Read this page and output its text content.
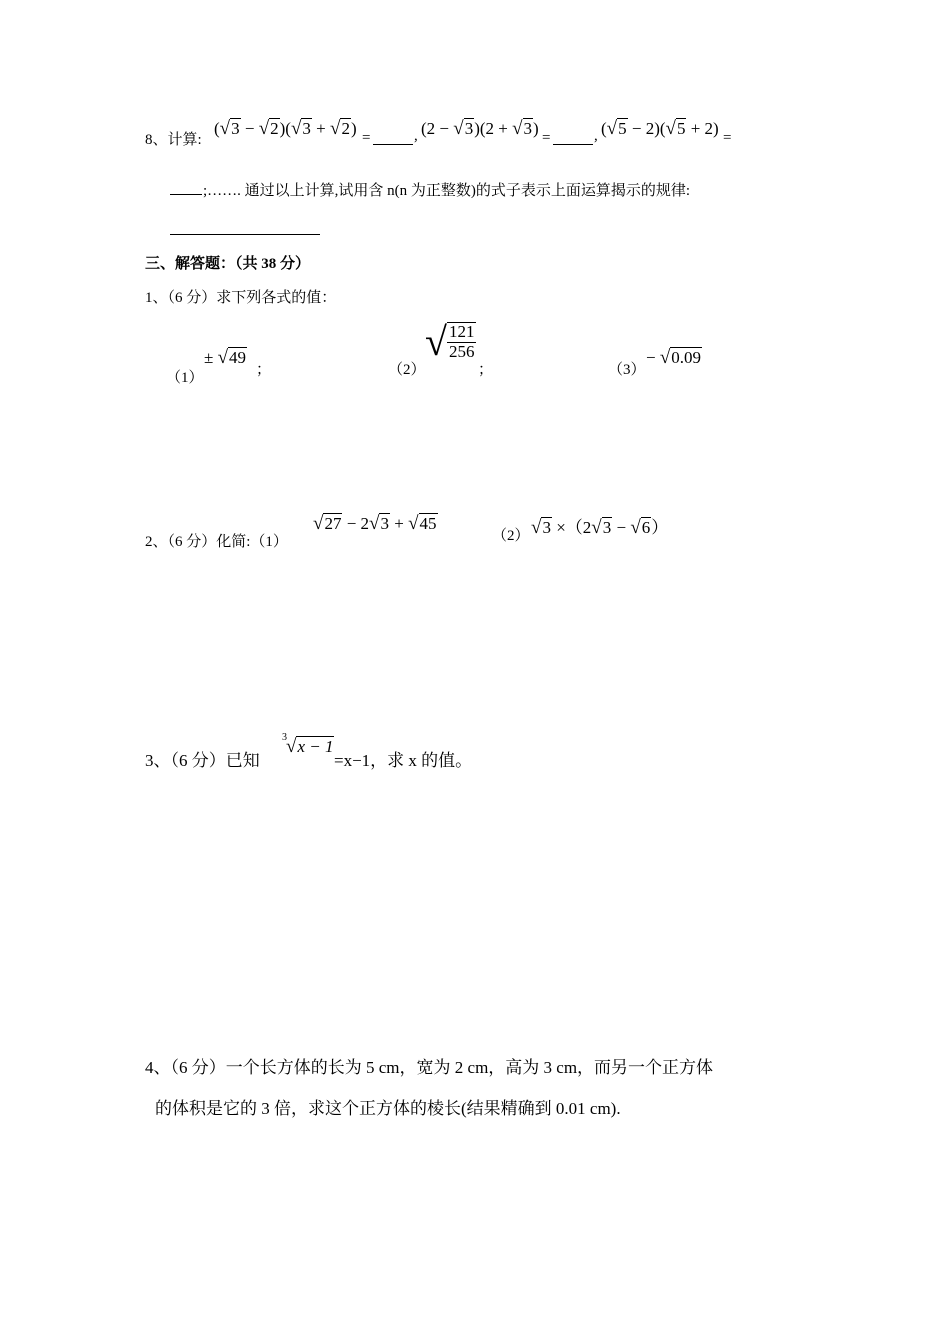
8、计算:
(√3 − √2)(√3 + √2) =	, (2 − √3)(2 + √3) =	, (√5 − 2)(√5 + 2) =
;……. 通过以上计算,试用含 n(n 为正整数)的式子表示上面运算揭示的规律:
三、解答题：（共 38 分）
1、（6 分）求下列各式的值：
（1）
± √49
；	（2）
√ $\frac{121}{256}$
；	（3）
− √0.09
2、（6 分）化简:（1）
√27 − 2√3 + √45
（2） √3 ×（2√3 − √6）
3、（6 分）已知
3 √x − 1
=x−1，求 x 的值。
4、（6 分）一个长方体的长为 5 cm，宽为 2 cm，高为 3 cm，而另一个正方体
的体积是它的 3 倍，求这个正方体的棱长(结果精确到 0.01 cm).
